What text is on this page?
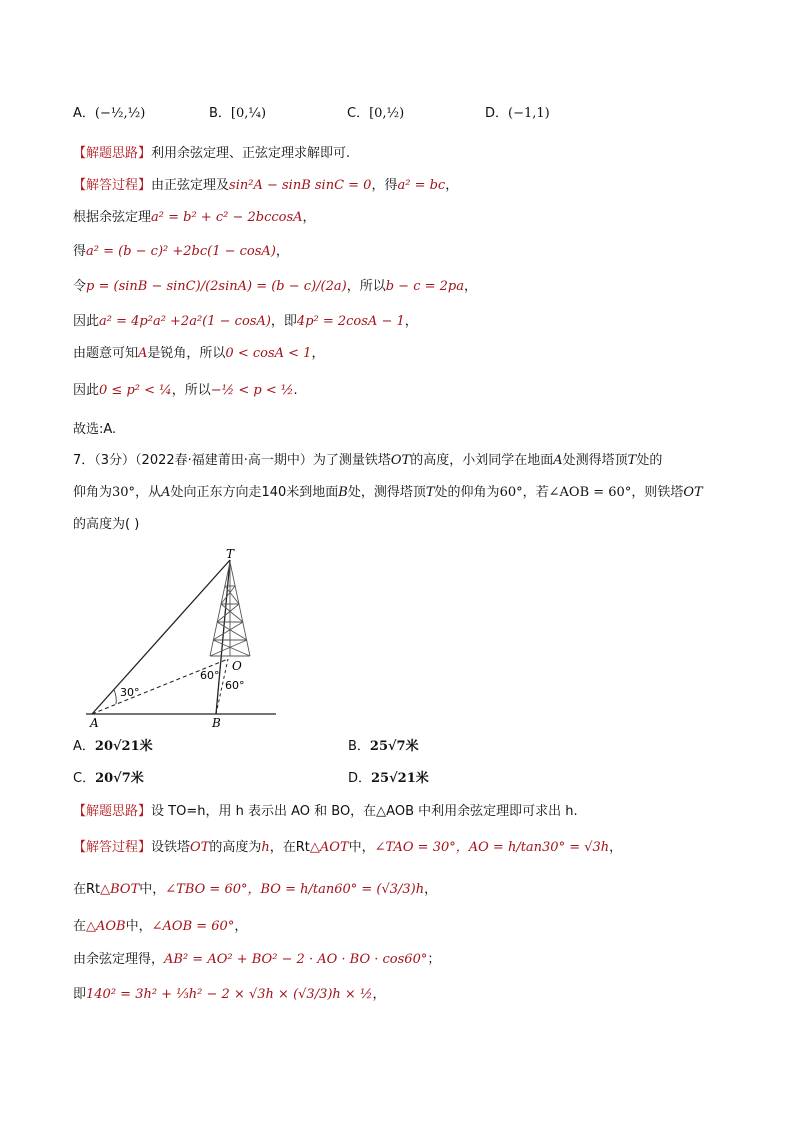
A．(−½,½)	B．[0,¼)	C．[0,½)	D．(−1,1)
【解题思路】利用余弦定理、正弦定理求解即可.
【解答过程】由正弦定理及sin²A − sinB sinC = 0，得a² = bc，
根据余弦定理a² = b² + c² − 2bccosA，
得a² = (b − c)² +2bc(1 − cosA)，
令p = (sinB − sinC)/(2sinA) = (b − c)/(2a)，所以b − c = 2pa，
因此a² = 4p²a² +2a²(1 − cosA)，即4p² = 2cosA − 1，
由题意可知A是锐角，所以0 < cosA < 1，
因此0 ≤ p² < ¼，所以−½ < p < ½.
故选:A.
7．（3分）（2022春·福建莆田·高一期中）为了测量铁塔OT的高度，小刘同学在地面A处测得塔顶T处的
仰角为30°，从A处向正东方向走140米到地面B处，测得塔顶T处的仰角为60°，若∠AOB = 60°，则铁塔OT
的高度为( )
T
O
A	B
30°
60°
60°
A．20√21米	B．25√7米
C．20√7米	D．25√21米
【解题思路】设 TO=h，用 h 表示出 AO 和 BO，在△AOB 中利用余弦定理即可求出 h.
【解答过程】设铁塔OT的高度为h，在Rt△AOT中，∠TAO = 30°，AO = h/tan30° = √3h，
在Rt△BOT中，∠TBO = 60°，BO = h/tan60° = (√3/3)h，
在△AOB中，∠AOB = 60°，
由余弦定理得，AB² = AO² + BO² − 2 · AO · BO · cos60°；
即140² = 3h² + ⅓h² − 2 × √3h × (√3/3)h × ½，
